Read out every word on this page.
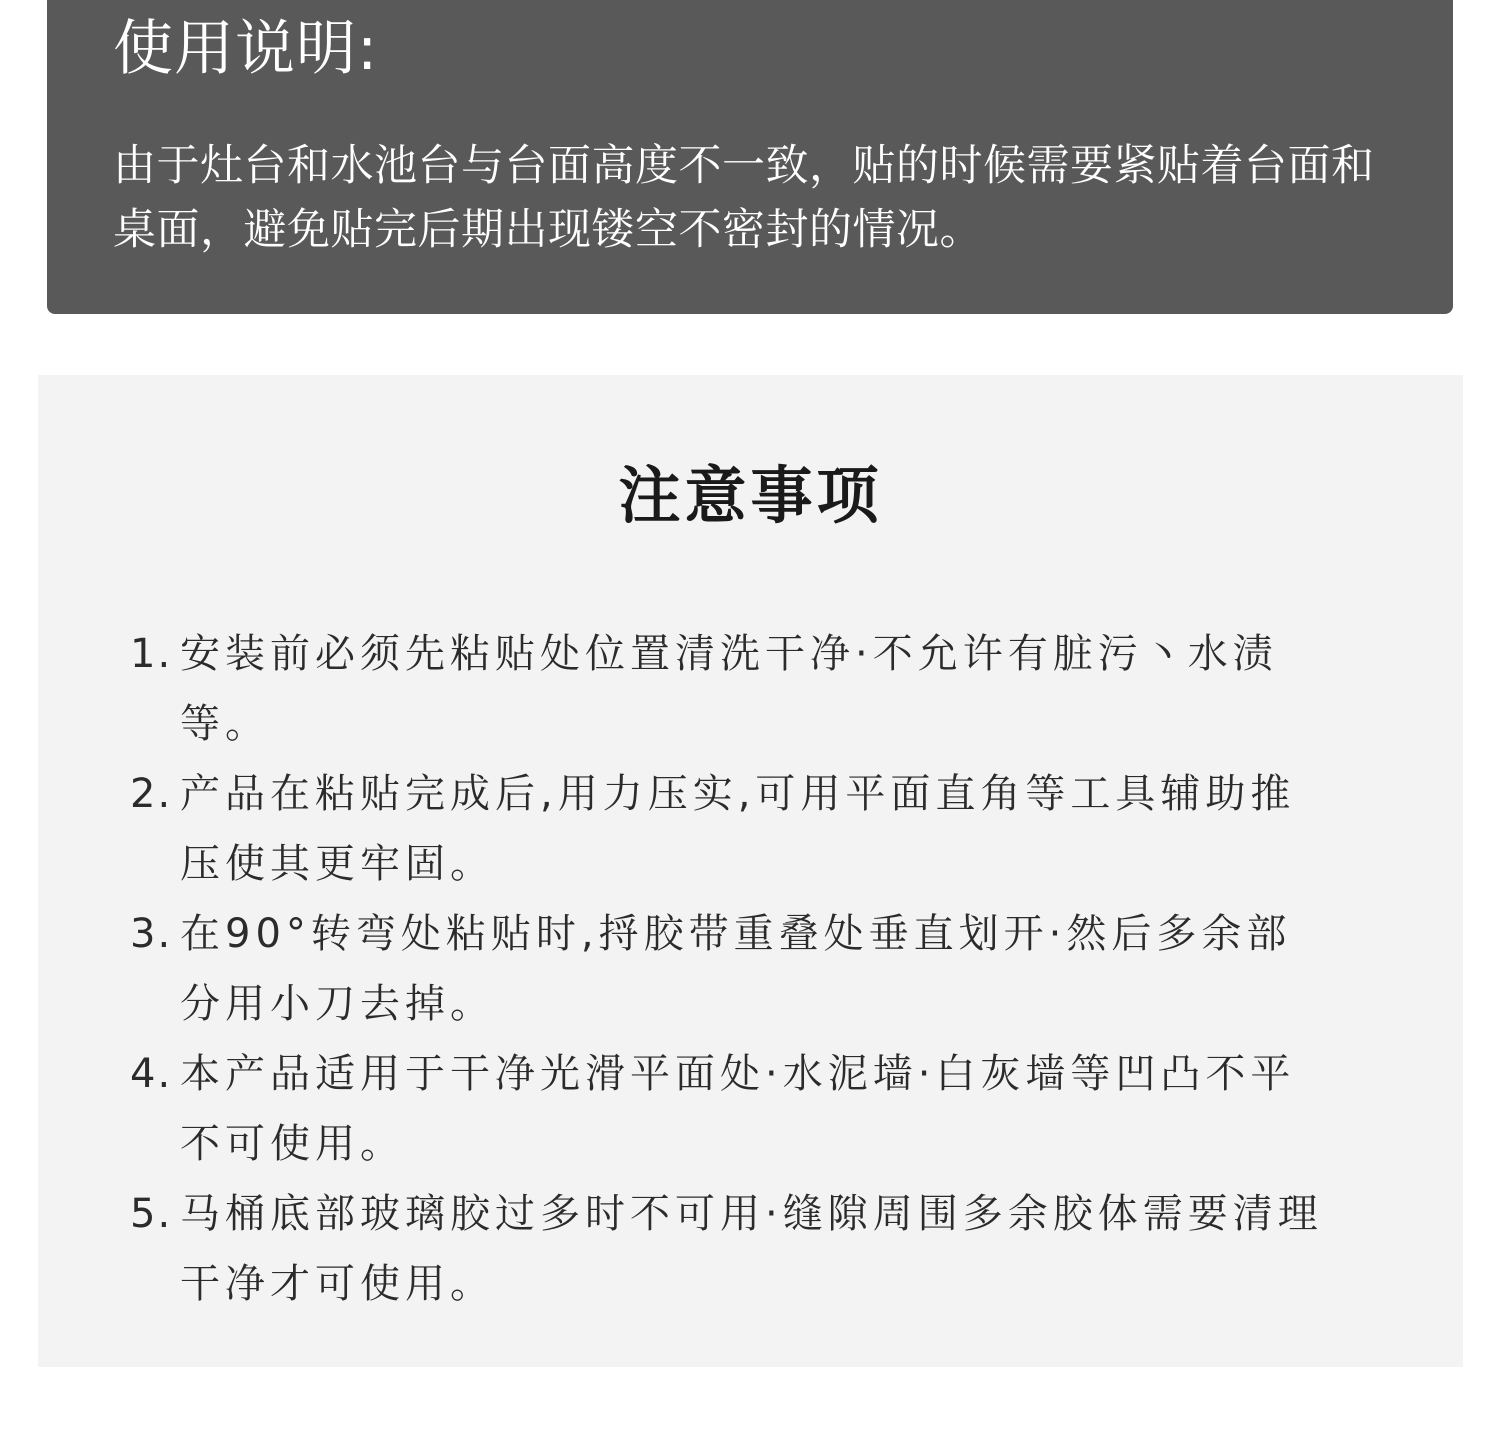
使用说明:
由于灶台和水池台与台面高度不一致，贴的时候需要紧贴着台面和桌面，避免贴完后期出现镂空不密封的情况。
注意事项
1. 安装前必须先粘贴处位置清洗干净·不允许有脏污丶水渍等。
2. 产品在粘贴完成后,用力压实,可用平面直角等工具辅助推压使其更牢固。
3. 在90°转弯处粘贴时,捋胶带重叠处垂直划开·然后多余部分用小刀去掉。
4. 本产品适用于干净光滑平面处·水泥墙·白灰墙等凹凸不平不可使用。
5. 马桶底部玻璃胶过多时不可用·缝隙周围多余胶体需要清理干净才可使用。
